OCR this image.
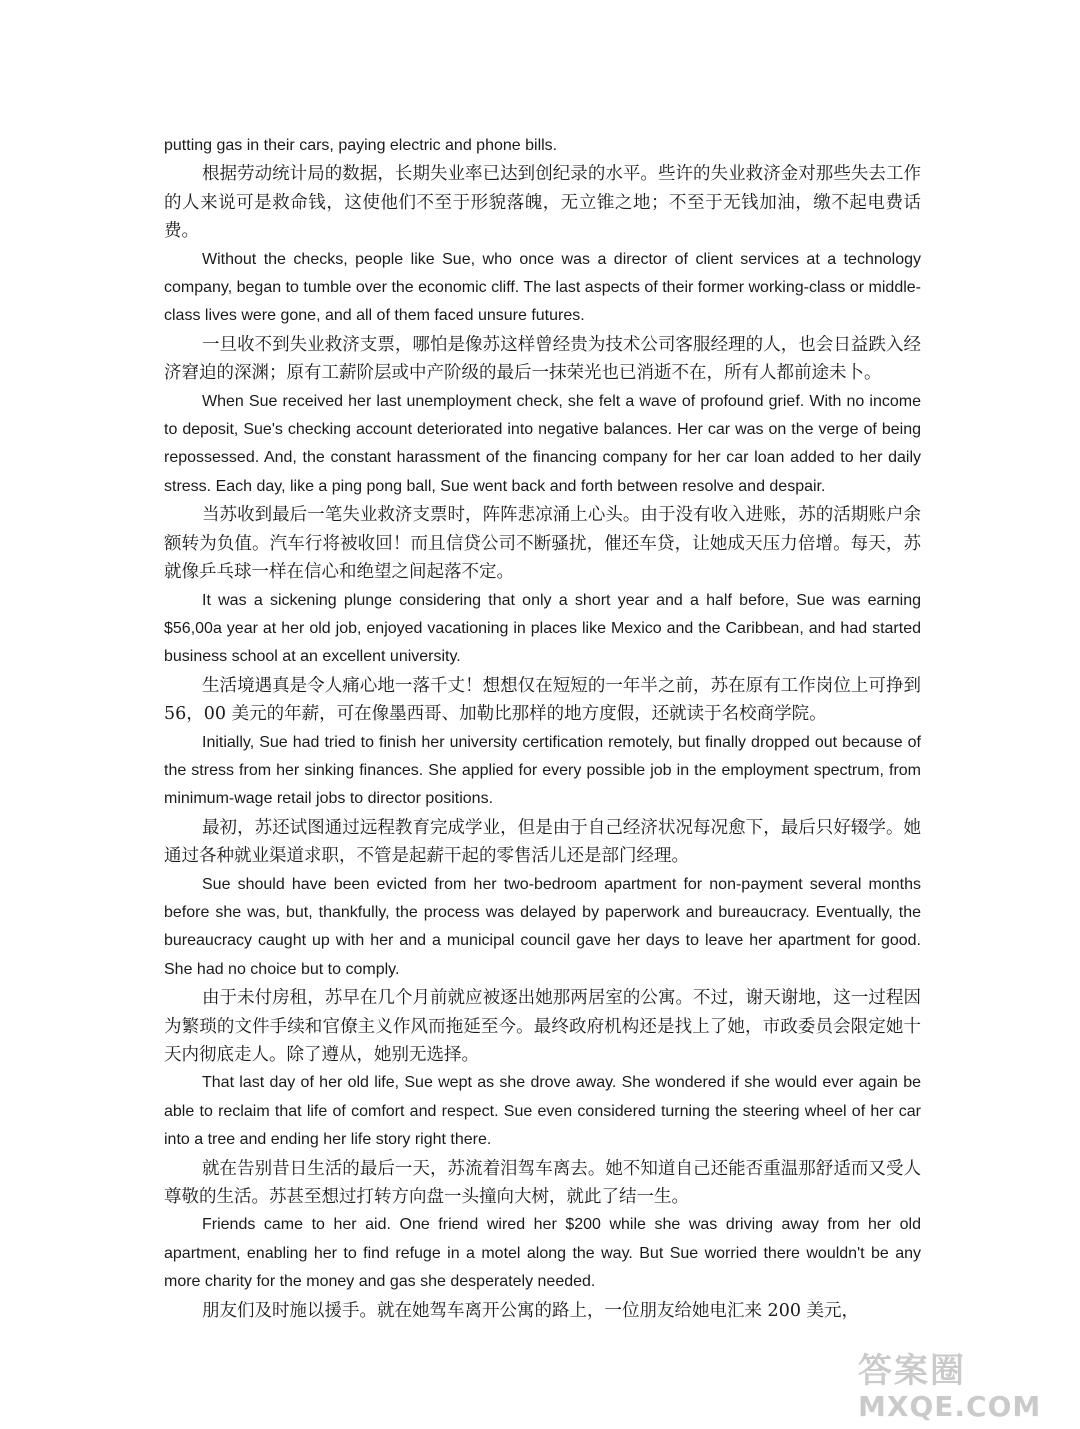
putting gas in their cars, paying electric and phone bills.

根据劳动统计局的数据，长期失业率已达到创纪录的水平。些许的失业救济金对那些失去工作的人来说可是救命钱，这使他们不至于形貌落魄，无立锥之地；不至于无钱加油，缴不起电费话费。

Without the checks, people like Sue, who once was a director of client services at a technology company, began to tumble over the economic cliff. The last aspects of their former working-class or middle-class lives were gone, and all of them faced unsure futures.

一旦收不到失业救济支票，哪怕是像苏这样曾经贵为技术公司客服经理的人，也会日益跌入经济窘迫的深渊；原有工薪阶层或中产阶级的最后一抹荣光也已消逝不在，所有人都前途未卜。

When Sue received her last unemployment check, she felt a wave of profound grief. With no income to deposit, Sue's checking account deteriorated into negative balances. Her car was on the verge of being repossessed. And, the constant harassment of the financing company for her car loan added to her daily stress. Each day, like a ping pong ball, Sue went back and forth between resolve and despair.

当苏收到最后一笔失业救济支票时，阵阵悲凉涌上心头。由于没有收入进账，苏的活期账户余额转为负值。汽车行将被收回！而且信贷公司不断骚扰，催还车贷，让她成天压力倍增。每天，苏就像乒乓球一样在信心和绝望之间起落不定。

It was a sickening plunge considering that only a short year and a half before, Sue was earning $56,00a year at her old job, enjoyed vacationing in places like Mexico and the Caribbean, and had started business school at an excellent university.

生活境遇真是令人痛心地一落千丈！想想仅在短短的一年半之前，苏在原有工作岗位上可挣到 56，00 美元的年薪，可在像墨西哥、加勒比那样的地方度假，还就读于名校商学院。

Initially, Sue had tried to finish her university certification remotely, but finally dropped out because of the stress from her sinking finances. She applied for every possible job in the employment spectrum, from minimum-wage retail jobs to director positions.

最初，苏还试图通过远程教育完成学业，但是由于自己经济状况每况愈下，最后只好辍学。她通过各种就业渠道求职，不管是起薪干起的零售活儿还是部门经理。

Sue should have been evicted from her two-bedroom apartment for non-payment several months before she was, but, thankfully, the process was delayed by paperwork and bureaucracy. Eventually, the bureaucracy caught up with her and a municipal council gave her days to leave her apartment for good. She had no choice but to comply.

由于未付房租，苏早在几个月前就应被逐出她那两居室的公寓。不过，谢天谢地，这一过程因为繁琐的文件手续和官僚主义作风而拖延至今。最终政府机构还是找上了她，市政委员会限定她十天内彻底走人。除了遵从，她别无选择。

That last day of her old life, Sue wept as she drove away. She wondered if she would ever again be able to reclaim that life of comfort and respect. Sue even considered turning the steering wheel of her car into a tree and ending her life story right there.

就在告别昔日生活的最后一天，苏流着泪驾车离去。她不知道自己还能否重温那舒适而又受人尊敬的生活。苏甚至想过打转方向盘一头撞向大树，就此了结一生。

Friends came to her aid. One friend wired her $200 while she was driving away from her old apartment, enabling her to find refuge in a motel along the way. But Sue worried there wouldn't be any more charity for the money and gas she desperately needed.

朋友们及时施以援手。就在她驾车离开公寓的路上，一位朋友给她电汇来 200 美元，

答案圈
MXQE.COM
